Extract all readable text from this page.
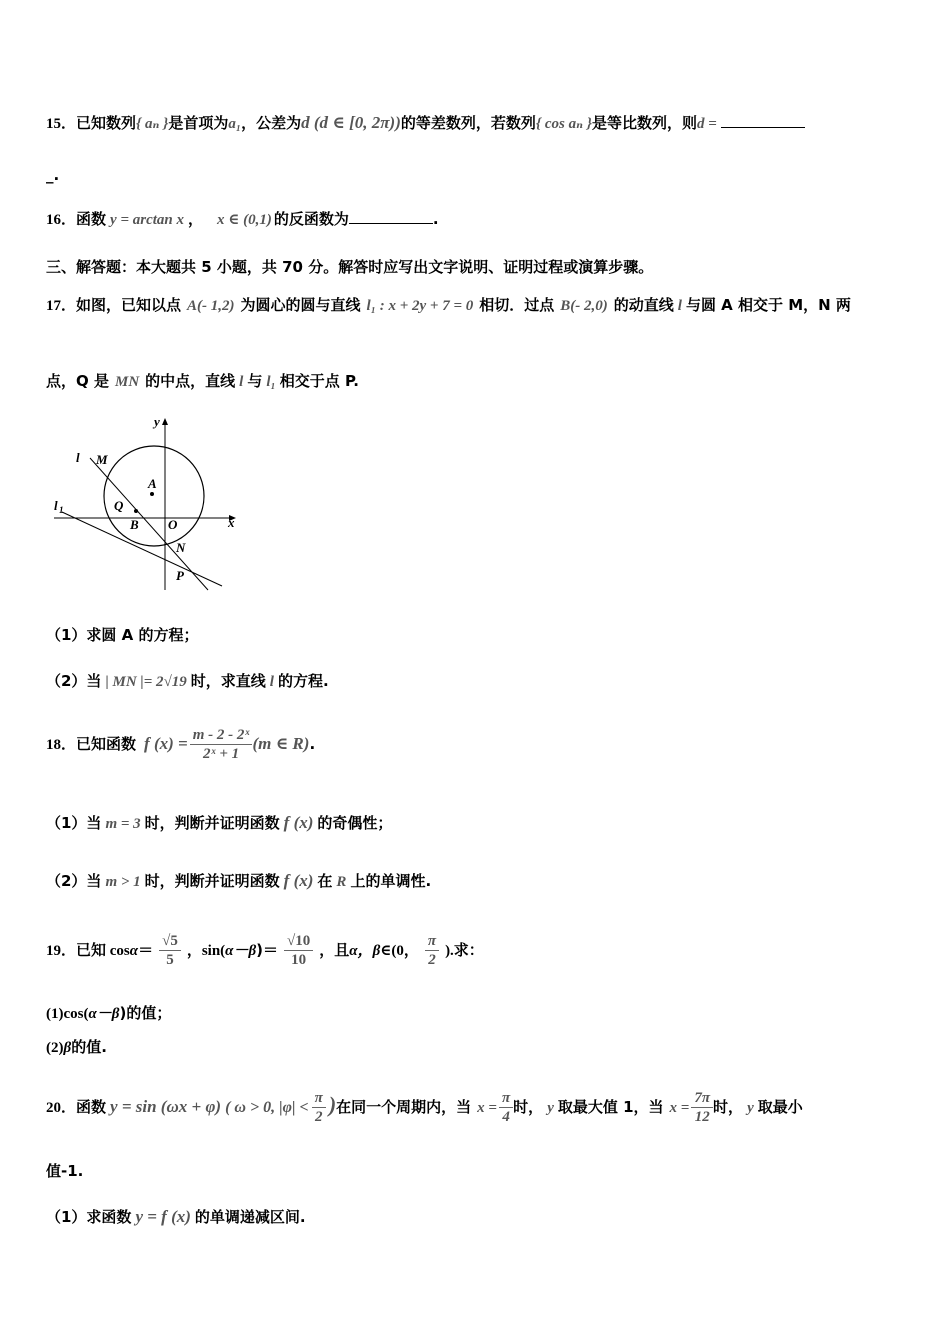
15．已知数列{ aₙ }是首项为a₁，公差为d (d ∈ [0, 2π))的等差数列，若数列{ cos aₙ }是等比数列，则d =
_.
16．函数 y = arctan x ， x ∈ (0,1) 的反函数为	.
三、解答题：本大题共 5 小题，共 70 分。解答时应写出文字说明、证明过程或演算步骤。
17．如图，已知以点 A(- 1,2) 为圆心的圆与直线 l₁ : x + 2y + 7 = 0 相切．过点 B(- 2,0) 的动直线 l 与圆 A 相交于 M，N 两
点，Q 是 MN 的中点，直线 l 与 l₁ 相交于点 P.
y
x
l M
A
Q
l 1
B O
N
P
（1）求圆 A 的方程；
（2）当 | MN |= 2√19 时，求直线 l 的方程.
18．已知函数 f $(x) = \frac{\text{m - 2 - 2ˣ}}{\text{2ˣ + 1}} (m$ ∈ R).
（1）当 m = 3 时，判断并证明函数 f (x) 的奇偶性；
（2）当 m > 1 时，判断并证明函数 f (x) 在 R 上的单调性.
19．已知 $\cos\alpha= \frac{√5}{5}$ ，$\sin(\alpha-\beta)= \frac{√10}{10}$ ，且α，β∈(0， $\frac{\pi}{2}$ ).求：
(1)cos(α－β)的值；
(2)β的值.
20．函数 y = sin (ωx + φ) ( ω > 0, $|\varphi| < \frac{\pi}{2}$ )在同一个周期内，当 $x = \frac{\pi}{4}$ 时， y 取最大值 1，当 $x = \frac{7\pi}{12}$ 时， y 取最小
值-1.
（1）求函数 y = f (x) 的单调递减区间.
